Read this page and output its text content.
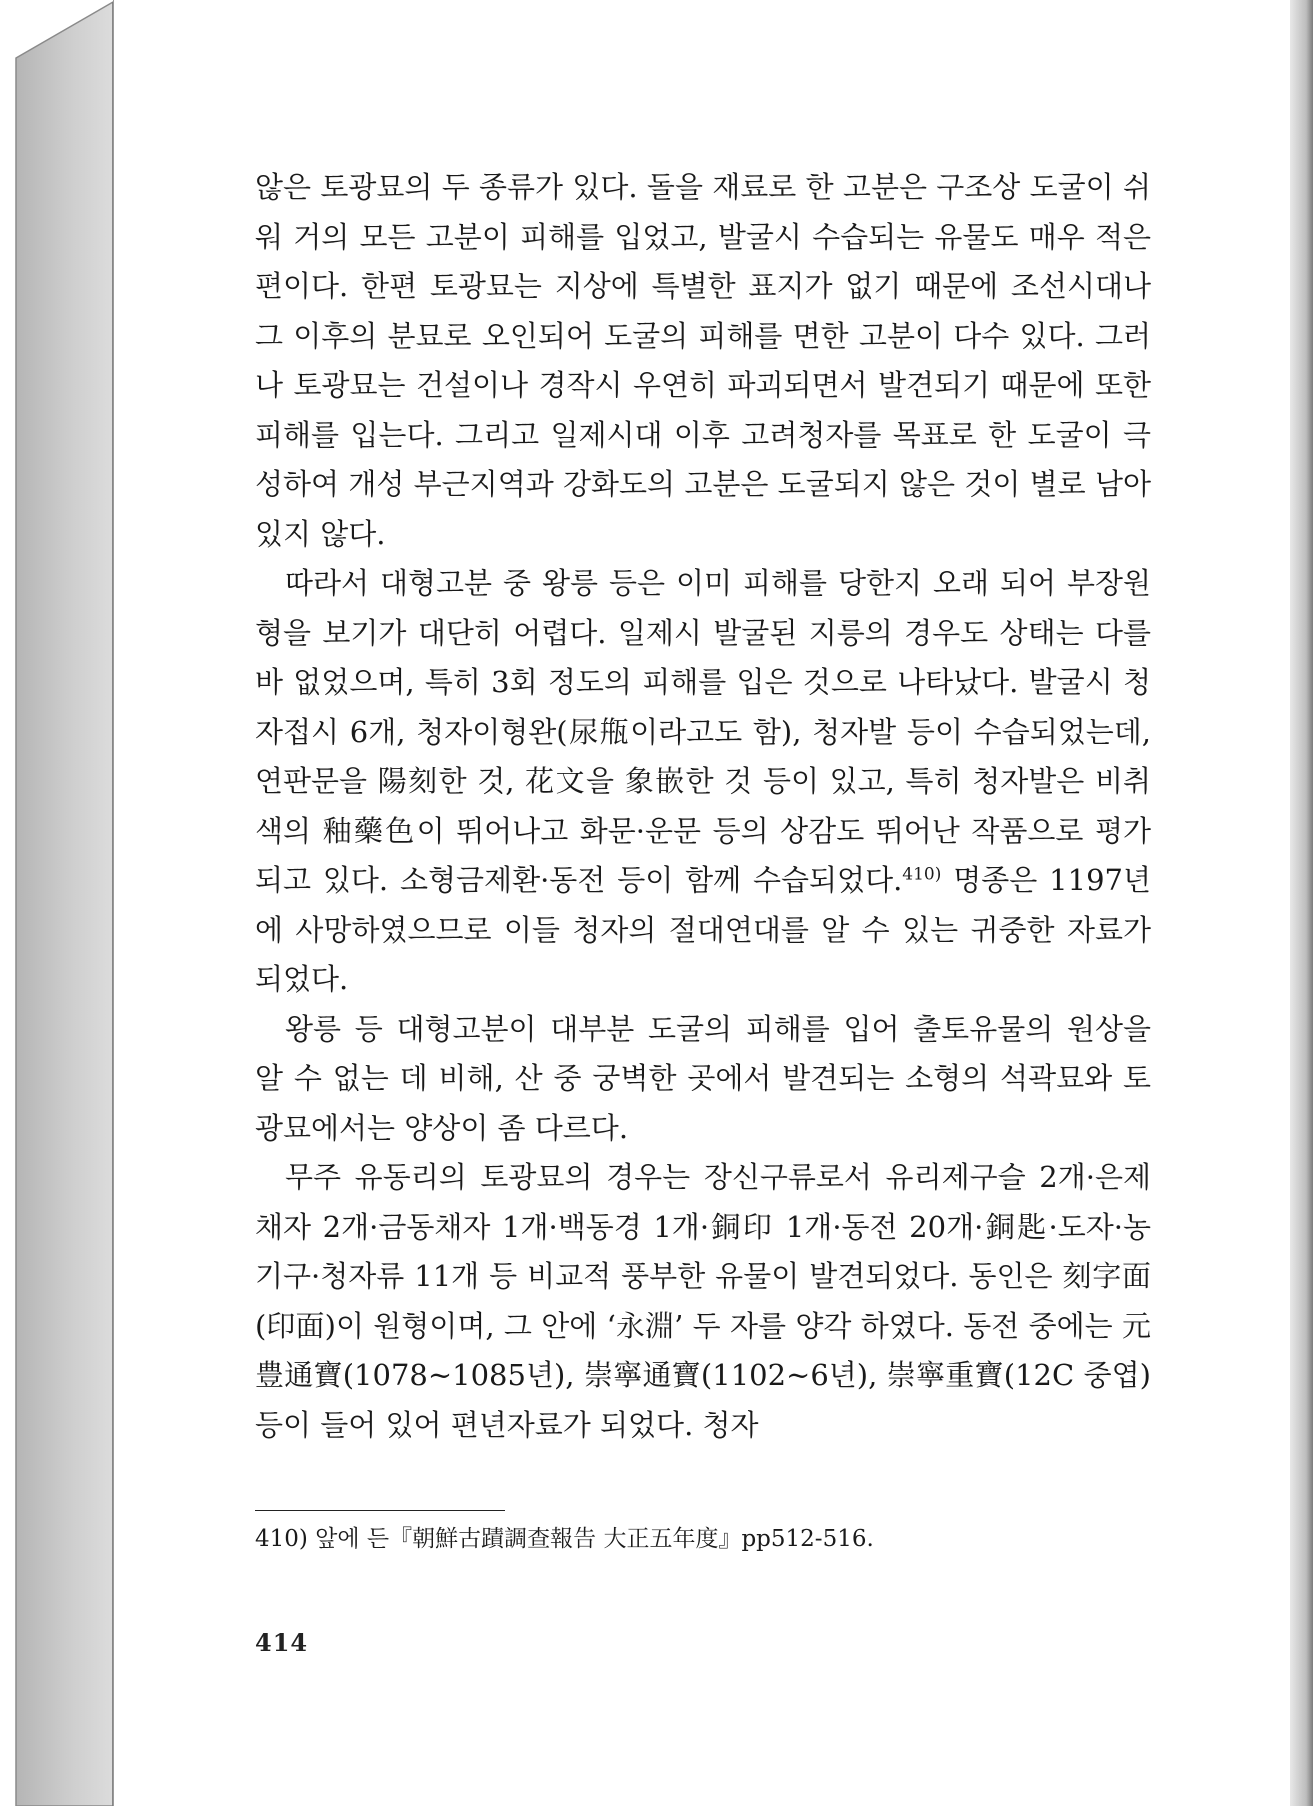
않은 토광묘의 두 종류가 있다. 돌을 재료로 한 고분은 구조상 도굴이 쉬워 거의 모든 고분이 피해를 입었고, 발굴시 수습되는 유물도 매우 적은 편이다. 한편 토광묘는 지상에 특별한 표지가 없기 때문에 조선시대나 그 이후의 분묘로 오인되어 도굴의 피해를 면한 고분이 다수 있다. 그러나 토광묘는 건설이나 경작시 우연히 파괴되면서 발견되기 때문에 또한 피해를 입는다. 그리고 일제시대 이후 고려청자를 목표로 한 도굴이 극성하여 개성 부근지역과 강화도의 고분은 도굴되지 않은 것이 별로 남아 있지 않다.

따라서 대형고분 중 왕릉 등은 이미 피해를 당한지 오래 되어 부장원형을 보기가 대단히 어렵다. 일제시 발굴된 지릉의 경우도 상태는 다를 바 없었으며, 특히 3회 정도의 피해를 입은 것으로 나타났다. 발굴시 청자접시 6개, 청자이형완(尿甁이라고도 함), 청자발 등이 수습되었는데, 연판문을 陽刻한 것, 花文을 象嵌한 것 등이 있고, 특히 청자발은 비취색의 釉藥色이 뛰어나고 화문·운문 등의 상감도 뛰어난 작품으로 평가되고 있다. 소형금제환·동전 등이 함께 수습되었다.$^{410)}$ 명종은 1197년에 사망하였으므로 이들 청자의 절대연대를 알 수 있는 귀중한 자료가 되었다.

왕릉 등 대형고분이 대부분 도굴의 피해를 입어 출토유물의 원상을 알 수 없는 데 비해, 산 중 궁벽한 곳에서 발견되는 소형의 석곽묘와 토광묘에서는 양상이 좀 다르다.

무주 유동리의 토광묘의 경우는 장신구류로서 유리제구슬 2개·은제채자 2개·금동채자 1개·백동경 1개·銅印 1개·동전 20개·銅匙·도자·농기구·청자류 11개 등 비교적 풍부한 유물이 발견되었다. 동인은 刻字面(印面)이 원형이며, 그 안에 ‘永淵’ 두 자를 양각 하였다. 동전 중에는 元豊通寶(1078~1085년), 崇寧通寶(1102~6년), 崇寧重寶(12C 중엽) 등이 들어 있어 편년자료가 되었다. 청자

410) 앞에 든『朝鮮古蹟調查報告 大正五年度』pp512-516.
414
